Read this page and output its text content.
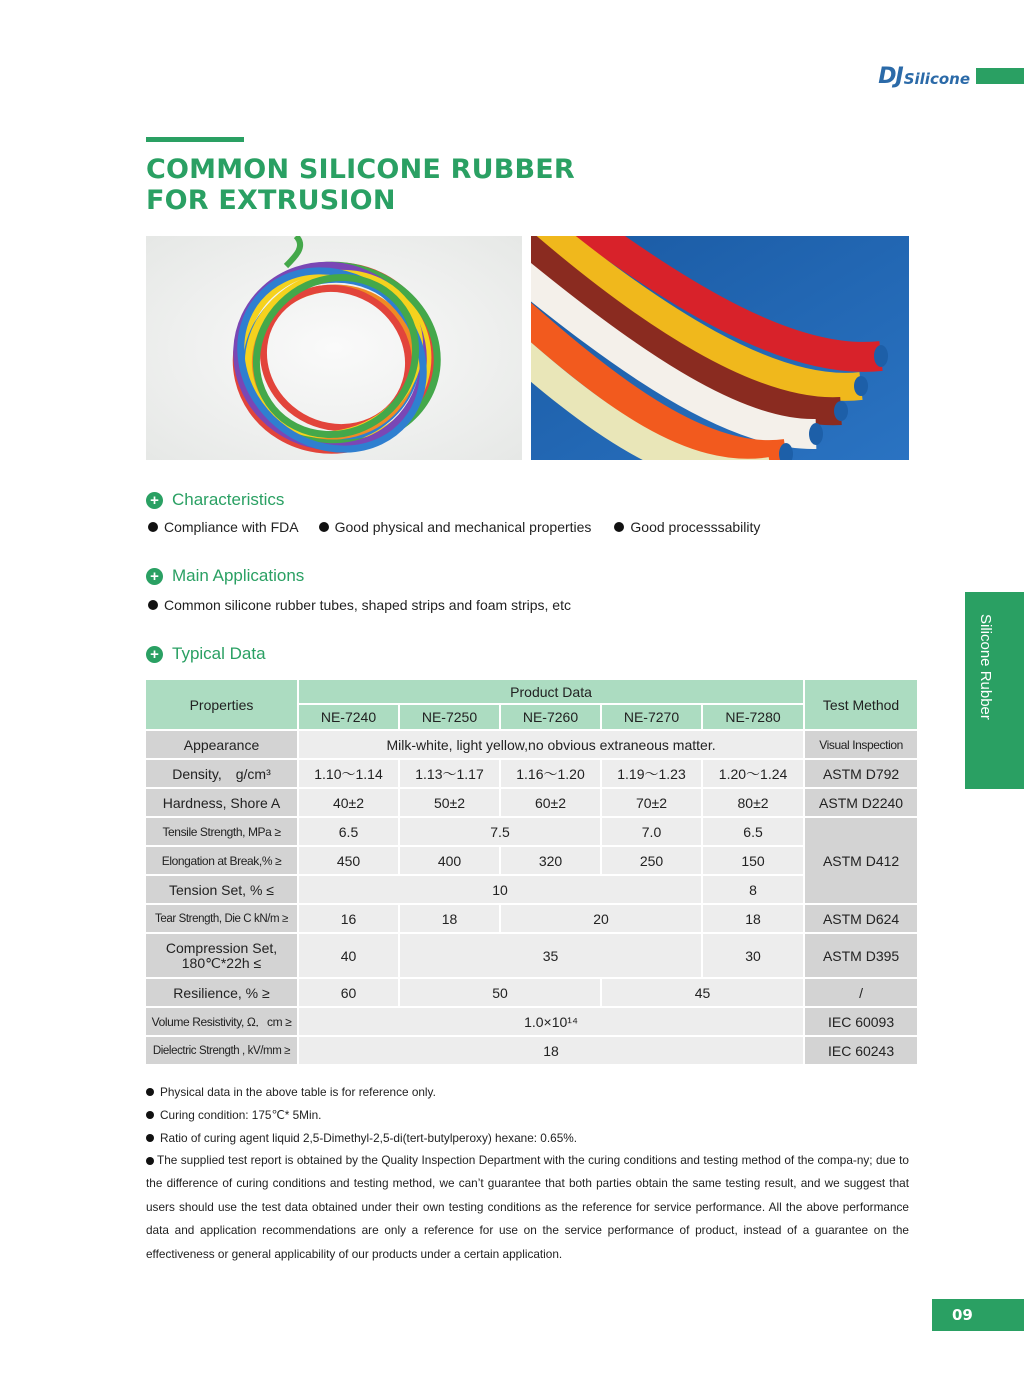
DJ Silicone
COMMON SILICONE RUBBER
FOR EXTRUSION
+ Characteristics
Compliance with FDA	Good physical and mechanical properties	Good processsability
+ Main Applications
Common silicone rubber tubes, shaped strips and foam strips, etc
+ Typical Data	Silicone Rubber
Properties	Product Data					Test Method
	NE-7240	NE-7250	NE-7260	NE-7270	NE-7280	
Appearance	Milk-white, light yellow,no obvious extraneous matter.					Visual Inspection
Density,　g/cm³	1.10～1.14	1.13～1.17	1.16～1.20	1.19～1.23	1.20～1.24	ASTM D792
Hardness, Shore A	40±2	50±2	60±2	70±2	80±2	ASTM D2240
Tensile Strength, MPa ≥	6.5	7.5		7.0	6.5	ASTM D412
Elongation at Break,% ≥	450	400	320	250	150	
Tension Set, % ≤	10				8	
Tear Strength, Die C kN/m ≥	16	18	20		18	ASTM D624

Compression Set,
180℃*22h ≤	40	35			30	ASTM D395
Resilience, % ≥	60	50		45		/
Volume Resistivity, Ω．cm ≥	1.0×10¹⁴					IEC 60093
Dielectric Strength , kV/mm ≥	18					IEC 60243
Physical data in the above table is for reference only.
Curing condition: 175℃* 5Min.
Ratio of curing agent liquid 2,5-Dimethyl-2,5-di(tert-butylperoxy) hexane: 0.65%.
The supplied test report is obtained by the Quality Inspection Department with the curing conditions and testing method of the compa-ny; due to the difference of curing conditions and testing method, we can’t guarantee that both parties obtain the same testing result, and we suggest that users should use the test data obtained under their own testing conditions as the reference for service performance. All the above performance data and application recommendations are only a reference for use on the service performance of product, instead of a guarantee on the effectiveness or general applicability of our products under a certain application.
09
